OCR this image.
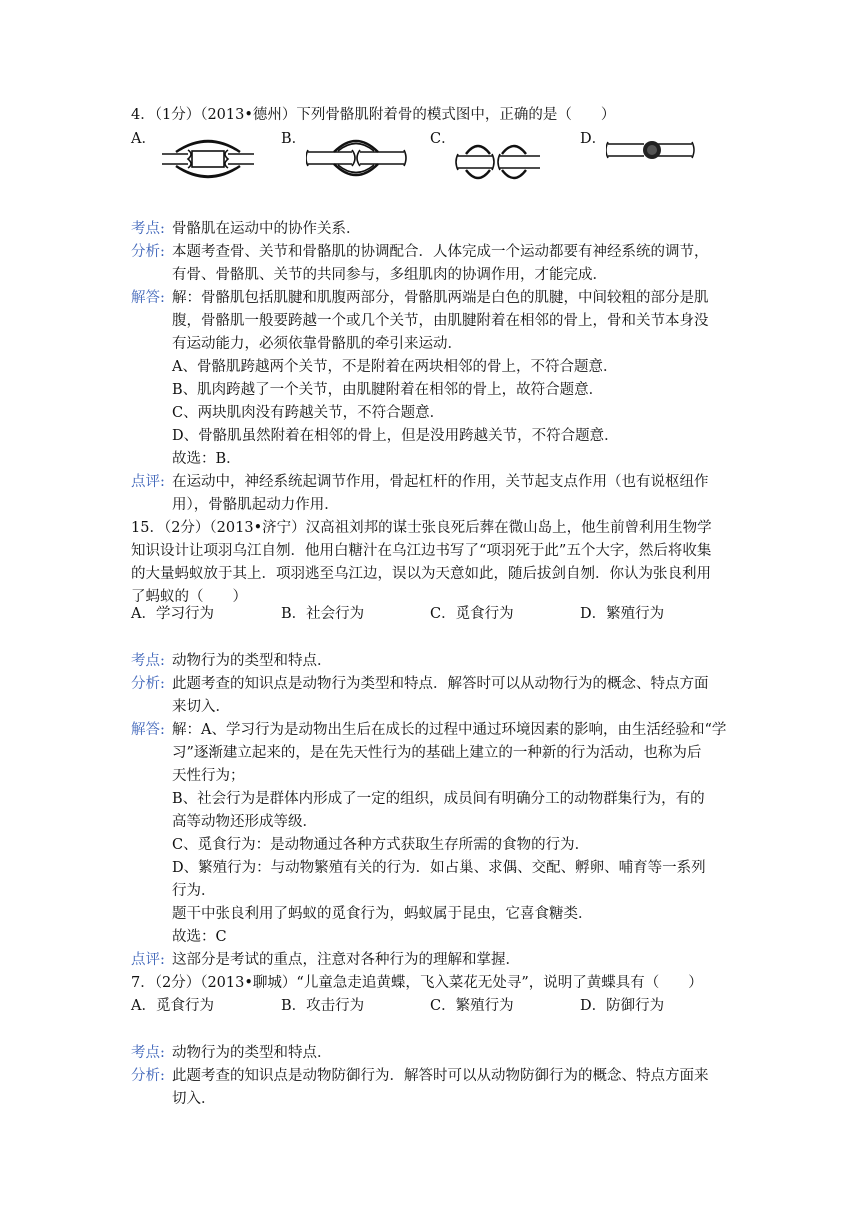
4．（1分）（2013•德州）下列骨骼肌附着骨的模式图中，正确的是（　　）
A．	B．	C．	D．
考点: 骨骼肌在运动中的协作关系．
分析: 本题考查骨、关节和骨骼肌的协调配合．人体完成一个运动都要有神经系统的调节，
有骨、骨骼肌、关节的共同参与，多组肌肉的协调作用，才能完成．
解答: 解：骨骼肌包括肌腱和肌腹两部分，骨骼肌两端是白色的肌腱，中间较粗的部分是肌
腹，骨骼肌一般要跨越一个或几个关节，由肌腱附着在相邻的骨上，骨和关节本身没
有运动能力，必须依靠骨骼肌的牵引来运动．
A、骨骼肌跨越两个关节，不是附着在两块相邻的骨上，不符合题意．
B、肌肉跨越了一个关节，由肌腱附着在相邻的骨上，故符合题意．
C、两块肌肉没有跨越关节，不符合题意．
D、骨骼肌虽然附着在相邻的骨上，但是没用跨越关节，不符合题意．
故选：B．
点评: 在运动中，神经系统起调节作用，骨起杠杆的作用，关节起支点作用（也有说枢纽作
用），骨骼肌起动力作用．
15．（2分）（2013•济宁）汉高祖刘邦的谋士张良死后葬在微山岛上，他生前曾利用生物学
知识设计让项羽乌江自刎．他用白糖汁在乌江边书写了“项羽死于此”五个大字，然后将收集
的大量蚂蚁放于其上．项羽逃至乌江边，误以为天意如此，随后拔剑自刎．你认为张良利用
了蚂蚁的（　　）
A．学习行为	B．社会行为	C．觅食行为	D．繁殖行为
考点: 动物行为的类型和特点．
分析: 此题考查的知识点是动物行为类型和特点．解答时可以从动物行为的概念、特点方面
来切入．
解答: 解：A、学习行为是动物出生后在成长的过程中通过环境因素的影响，由生活经验和“学
习”逐渐建立起来的，是在先天性行为的基础上建立的一种新的行为活动，也称为后
天性行为；
B、社会行为是群体内形成了一定的组织，成员间有明确分工的动物群集行为，有的
高等动物还形成等级．
C、觅食行为：是动物通过各种方式获取生存所需的食物的行为．
D、繁殖行为：与动物繁殖有关的行为．如占巢、求偶、交配、孵卵、哺育等一系列
行为．
题干中张良利用了蚂蚁的觅食行为，蚂蚁属于昆虫，它喜食糖类．
故选：C
点评: 这部分是考试的重点，注意对各种行为的理解和掌握．
7．（2分）（2013•聊城）“儿童急走追黄蝶，飞入菜花无处寻”，说明了黄蝶具有（　　）
A．觅食行为	B．攻击行为	C．繁殖行为	D．防御行为
考点: 动物行为的类型和特点．
分析: 此题考查的知识点是动物防御行为．解答时可以从动物防御行为的概念、特点方面来
切入．
